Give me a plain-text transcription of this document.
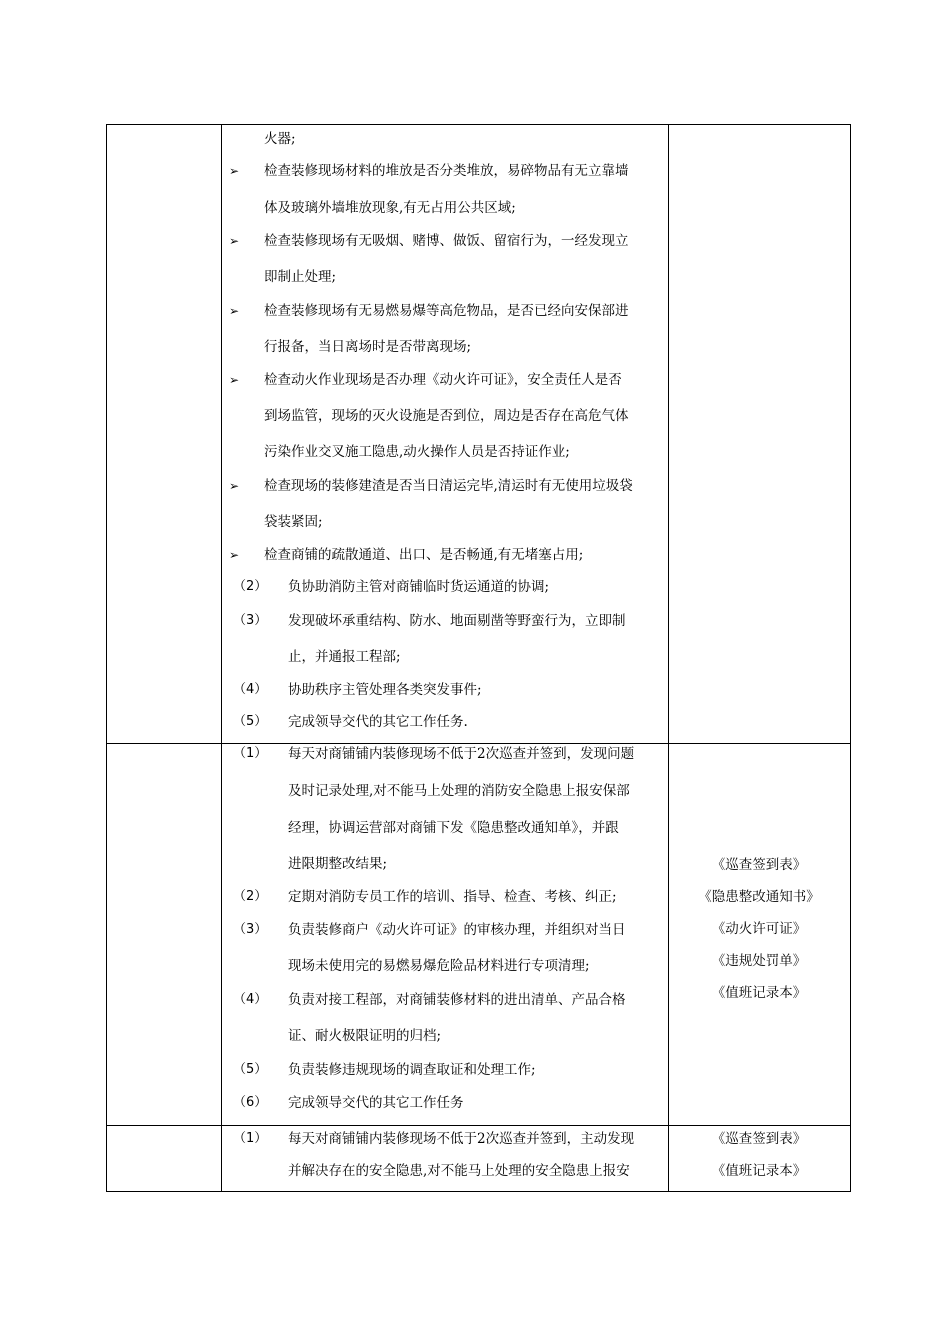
火器;
➢ 检查装修现场材料的堆放是否分类堆放，易碎物品有无立靠墙
体及玻璃外墙堆放现象,有无占用公共区域;
➢ 检查装修现场有无吸烟、赌博、做饭、留宿行为，一经发现立
即制止处理;
➢ 检查装修现场有无易燃易爆等高危物品，是否已经向安保部进
行报备，当日离场时是否带离现场;
➢ 检查动火作业现场是否办理《动火许可证》，安全责任人是否
到场监管，现场的灭火设施是否到位，周边是否存在高危气体
污染作业交叉施工隐患,动火操作人员是否持证作业;
➢ 检查现场的装修建渣是否当日清运完毕,清运时有无使用垃圾袋
袋装紧固;
➢ 检查商铺的疏散通道、出口、是否畅通,有无堵塞占用;
（2） 负协助消防主管对商铺临时货运通道的协调;
（3） 发现破坏承重结构、防水、地面剔凿等野蛮行为，立即制
止，并通报工程部;
（4） 协助秩序主管处理各类突发事件;
（5） 完成领导交代的其它工作任务.
（1） 每天对商铺铺内装修现场不低于2次巡查并签到，发现问题
及时记录处理,对不能马上处理的消防安全隐患上报安保部
经理，协调运营部对商铺下发《隐患整改通知单》，并跟
进限期整改结果;
（2） 定期对消防专员工作的培训、指导、检查、考核、纠正;
（3） 负责装修商户《动火许可证》的审核办理，并组织对当日
现场未使用完的易燃易爆危险品材料进行专项清理;
（4） 负责对接工程部，对商铺装修材料的进出清单、产品合格
证、耐火极限证明的归档;
（5） 负责装修违规现场的调查取证和处理工作;
（6） 完成领导交代的其它工作任务
《巡查签到表》
《隐患整改通知书》
《动火许可证》
《违规处罚单》
《值班记录本》
（1） 每天对商铺铺内装修现场不低于2次巡查并签到，主动发现
并解决存在的安全隐患,对不能马上处理的安全隐患上报安
《巡查签到表》
《值班记录本》
